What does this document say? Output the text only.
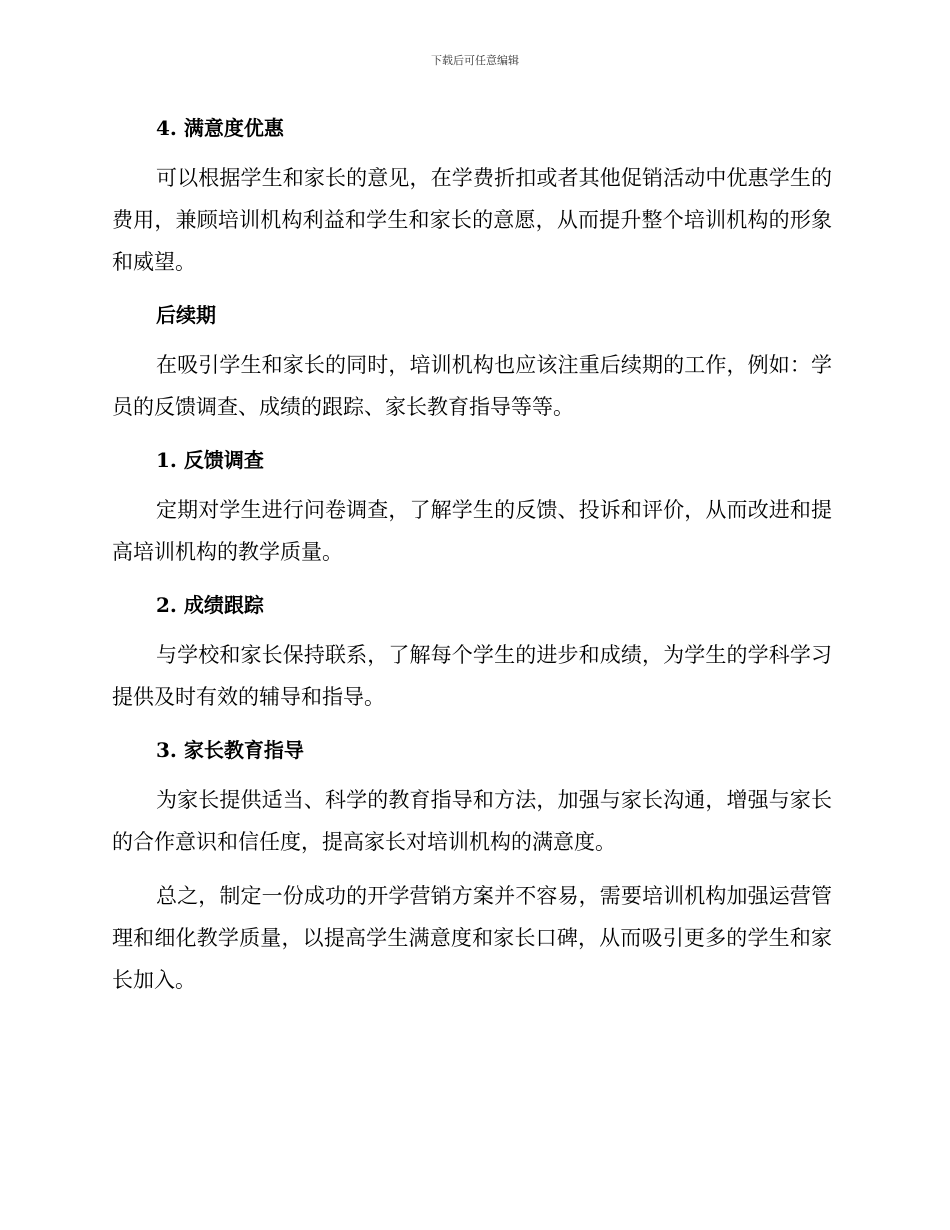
下载后可任意编辑
4. 满意度优惠

可以根据学生和家长的意见，在学费折扣或者其他促销活动中优惠学生的费用，兼顾培训机构利益和学生和家长的意愿，从而提升整个培训机构的形象和威望。

后续期

在吸引学生和家长的同时，培训机构也应该注重后续期的工作，例如：学员的反馈调查、成绩的跟踪、家长教育指导等等。

1. 反馈调查

定期对学生进行问卷调查，了解学生的反馈、投诉和评价，从而改进和提高培训机构的教学质量。

2. 成绩跟踪

与学校和家长保持联系，了解每个学生的进步和成绩，为学生的学科学习提供及时有效的辅导和指导。

3. 家长教育指导

为家长提供适当、科学的教育指导和方法，加强与家长沟通，增强与家长的合作意识和信任度，提高家长对培训机构的满意度。

总之，制定一份成功的开学营销方案并不容易，需要培训机构加强运营管理和细化教学质量，以提高学生满意度和家长口碑，从而吸引更多的学生和家长加入。
